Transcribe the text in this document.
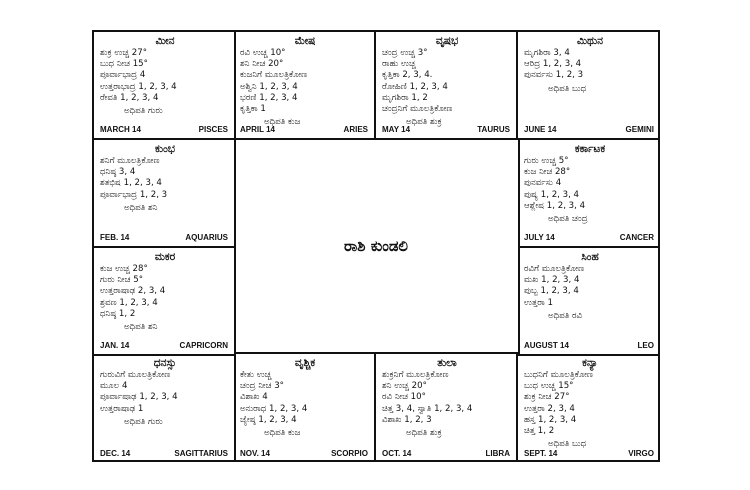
ಮೀನ
ಶುಕ್ರ ಉಚ್ಚ 27°
ಬುಧ ನೀಚ 15°
ಪೂರ್ವಾಭಾದ್ರ 4
ಉತ್ತರಾಭಾದ್ರ 1, 2, 3, 4
ರೇವತಿ 1, 2, 3, 4
ಅಧಿಪತಿ ಗುರು
MARCH 14	PISCES
ಮೇಷ
ರವಿ ಉಚ್ಚ 10°
ಶನಿ ನೀಚ 20°
ಕುಜನಿಗೆ ಮೂಲತ್ರಿಕೋಣ
ಅಶ್ವಿನಿ 1, 2, 3, 4
ಭರಣಿ 1, 2, 3, 4
ಕೃತ್ತಿಕಾ 1
ಅಧಿಪತಿ ಕುಜ
APRIL 14	ARIES
ವೃಷಭ
ಚಂದ್ರ ಉಚ್ಚ 3°
ರಾಹು ಉಚ್ಚ
ಕೃತ್ತಿಕಾ 2, 3, 4.
ರೋಹಿಣಿ 1, 2, 3, 4
ಮೃಗಶಿರಾ 1, 2
ಚಂದ್ರನಿಗೆ ಮೂಲತ್ರಿಕೋಣ
ಅಧಿಪತಿ ಶುಕ್ರ
MAY 14	TAURUS
ಮಿಥುನ
ಮೃಗಶಿರಾ 3, 4
ಆರಿದ್ರ 1, 2, 3, 4
ಪುನರ್ವಸು 1, 2, 3
ಅಧಿಪತಿ ಬುಧ
JUNE 14	GEMINI
ಕುಂಭ
ಶನಿಗೆ ಮೂಲತ್ರಿಕೋಣ
ಧನಿಷ್ಠ 3, 4
ಶತಭಿಷ 1, 2, 3, 4
ಪೂರ್ವಾಭಾದ್ರ 1, 2, 3
ಅಧಿಪತಿ ಶನಿ
FEB. 14	AQUARIUS
ಕರ್ಕಾಟಕ
ಗುರು ಉಚ್ಚ 5°
ಕುಜ ನೀಚ 28°
ಪುನರ್ವಸು 4
ಪುಷ್ಯ 1, 2, 3, 4
ಆಶ್ಲೇಷ 1, 2, 3, 4
ಅಧಿಪತಿ ಚಂದ್ರ
JULY 14	CANCER
ಮಕರ
ಕುಜ ಉಚ್ಚ 28°
ಗುರು ನೀಚ 5°
ಉತ್ತರಾಷಾಢ 2, 3, 4
ಶ್ರವಣ 1, 2, 3, 4
ಧನಿಷ್ಠ 1, 2
ಅಧಿಪತಿ ಶನಿ
JAN. 14	CAPRICORN
ಸಿಂಹ
ರವಿಗೆ ಮೂಲತ್ರಿಕೋಣ
ಮಖ 1, 2, 3, 4
ಪುಬ್ಬ 1, 2, 3, 4
ಉತ್ತರಾ 1
ಅಧಿಪತಿ ರವಿ
AUGUST 14	LEO
ಧನಸ್ಸು
ಗುರುವಿಗೆ ಮೂಲತ್ರಿಕೋಣ
ಮೂಲ 4
ಪೂರ್ವಾಷಾಢ 1, 2, 3, 4
ಉತ್ತರಾಷಾಢ 1
ಅಧಿಪತಿ ಗುರು
DEC. 14	SAGITTARIUS
ವೃಶ್ಚಿಕ
ಕೇತು ಉಚ್ಚ
ಚಂದ್ರ ನೀಚ 3°
ವಿಶಾಖ 4
ಅನುರಾಧ 1, 2, 3, 4
ಜ್ಯೇಷ್ಠ 1, 2, 3, 4
ಅಧಿಪತಿ ಕುಜ
NOV. 14	SCORPIO
ತುಲಾ
ಶುಕ್ರನಿಗೆ ಮೂಲತ್ರಿಕೋಣ
ಶನಿ ಉಚ್ಚ 20°
ರವಿ ನೀಚ 10°
ಚಿತ್ತ 3, 4, ಸ್ವಾತಿ 1, 2, 3, 4
ವಿಶಾಖ 1, 2, 3
ಅಧಿಪತಿ ಶುಕ್ರ
OCT. 14	LIBRA
ಕನ್ಯಾ
ಬುಧನಿಗೆ ಮೂಲತ್ರಿಕೋಣ
ಬುಧ ಉಚ್ಚ 15°
ಶುಕ್ರ ನೀಚ 27°
ಉತ್ತರಾ 2, 3, 4
ಹಸ್ತ 1, 2, 3, 4
ಚಿತ್ತ 1, 2
ಅಧಿಪತಿ ಬುಧ
SEPT. 14	VIRGO
ರಾಶಿ ಕುಂಡಲಿ
